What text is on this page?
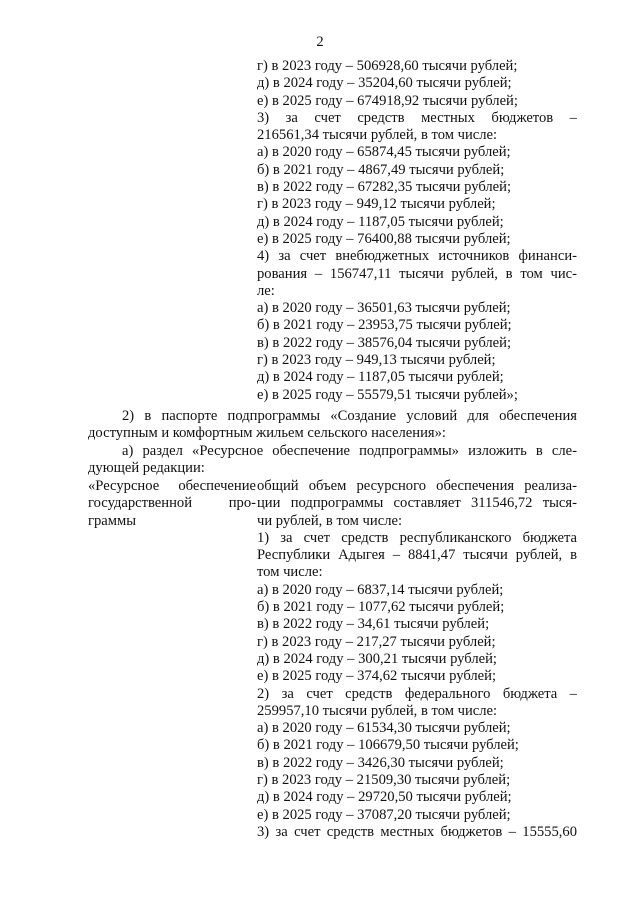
2
г) в 2023 году – 506928,60 тысячи рублей;
д) в 2024 году – 35204,60 тысячи рублей;
е) в 2025 году – 674918,92 тысячи рублей;
3) за счет средств местных бюджетов –
216561,34 тысячи рублей, в том числе:
а) в 2020 году – 65874,45 тысячи рублей;
б) в 2021 году – 4867,49 тысячи рублей;
в) в 2022 году – 67282,35 тысячи рублей;
г) в 2023 году – 949,12 тысячи рублей;
д) в 2024 году – 1187,05 тысячи рублей;
е) в 2025 году – 76400,88 тысячи рублей;
4) за счет внебюджетных источников финанси-
рования – 156747,11 тысячи рублей, в том чис-
ле:
а) в 2020 году – 36501,63 тысячи рублей;
б) в 2021 году – 23953,75 тысячи рублей;
в) в 2022 году – 38576,04 тысячи рублей;
г) в 2023 году – 949,13 тысячи рублей;
д) в 2024 году – 1187,05 тысячи рублей;
е) в 2025 году – 55579,51 тысячи рублей»;
2) в паспорте подпрограммы «Создание условий для обеспечения
доступным и комфортным жильем сельского населения»:
а) раздел «Ресурсное обеспечение подпрограммы» изложить в сле-
дующей редакции:
«Ресурсное обеспечение
государственной	про-
граммы
общий объем ресурсного обеспечения реализа-
ции подпрограммы составляет 311546,72 тыся-
чи рублей, в том числе:
1) за счет средств республиканского бюджета
Республики Адыгея – 8841,47 тысячи рублей, в
том числе:
а) в 2020 году – 6837,14 тысячи рублей;
б) в 2021 году – 1077,62 тысячи рублей;
в) в 2022 году – 34,61 тысячи рублей;
г) в 2023 году – 217,27 тысячи рублей;
д) в 2024 году – 300,21 тысячи рублей;
е) в 2025 году – 374,62 тысячи рублей;
2) за счет средств федерального бюджета –
259957,10 тысячи рублей, в том числе:
а) в 2020 году – 61534,30 тысячи рублей;
б) в 2021 году – 106679,50 тысячи рублей;
в) в 2022 году – 3426,30 тысячи рублей;
г) в 2023 году – 21509,30 тысячи рублей;
д) в 2024 году – 29720,50 тысячи рублей;
е) в 2025 году – 37087,20 тысячи рублей;
3) за счет средств местных бюджетов – 15555,60
